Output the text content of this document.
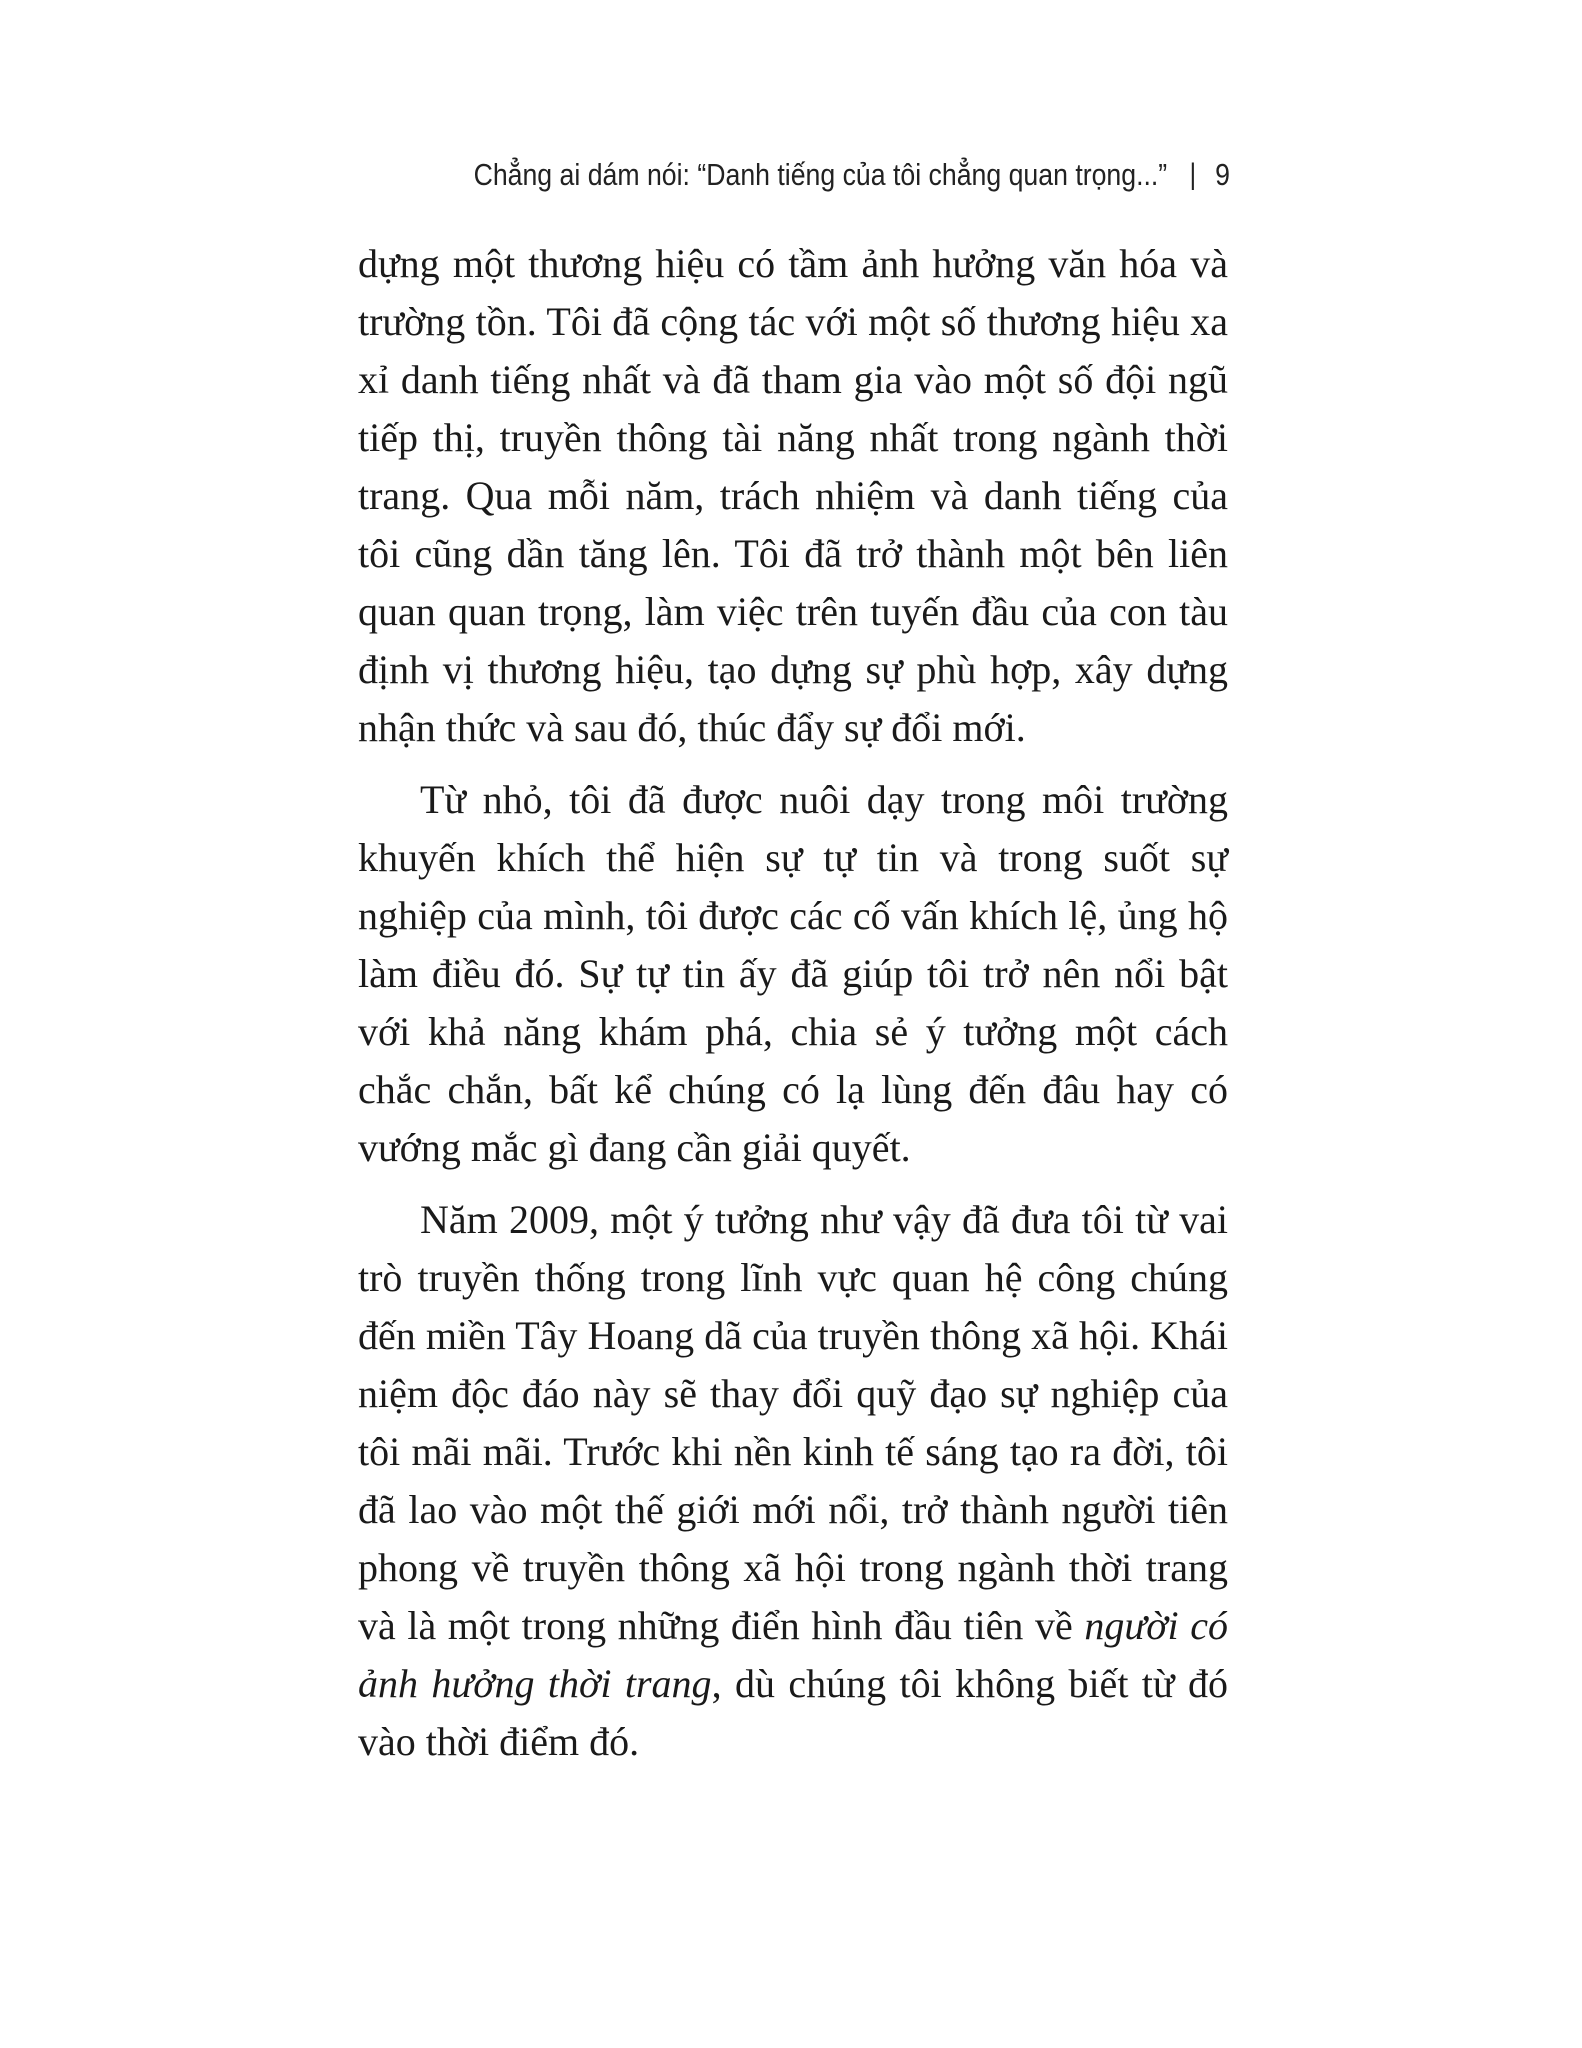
Chẳng ai dám nói: “Danh tiếng của tôi chẳng quan trọng...” | 9

dựng một thương hiệu có tầm ảnh hưởng văn hóa và trường tồn. Tôi đã cộng tác với một số thương hiệu xa xỉ danh tiếng nhất và đã tham gia vào một số đội ngũ tiếp thị, truyền thông tài năng nhất trong ngành thời trang. Qua mỗi năm, trách nhiệm và danh tiếng của tôi cũng dần tăng lên. Tôi đã trở thành một bên liên quan quan trọng, làm việc trên tuyến đầu của con tàu định vị thương hiệu, tạo dựng sự phù hợp, xây dựng nhận thức và sau đó, thúc đẩy sự đổi mới.

Từ nhỏ, tôi đã được nuôi dạy trong môi trường khuyến khích thể hiện sự tự tin và trong suốt sự nghiệp của mình, tôi được các cố vấn khích lệ, ủng hộ làm điều đó. Sự tự tin ấy đã giúp tôi trở nên nổi bật với khả năng khám phá, chia sẻ ý tưởng một cách chắc chắn, bất kể chúng có lạ lùng đến đâu hay có vướng mắc gì đang cần giải quyết.

Năm 2009, một ý tưởng như vậy đã đưa tôi từ vai trò truyền thống trong lĩnh vực quan hệ công chúng đến miền Tây Hoang dã của truyền thông xã hội. Khái niệm độc đáo này sẽ thay đổi quỹ đạo sự nghiệp của tôi mãi mãi. Trước khi nền kinh tế sáng tạo ra đời, tôi đã lao vào một thế giới mới nổi, trở thành người tiên phong về truyền thông xã hội trong ngành thời trang và là một trong những điển hình đầu tiên về người có ảnh hưởng thời trang, dù chúng tôi không biết từ đó vào thời điểm đó.
